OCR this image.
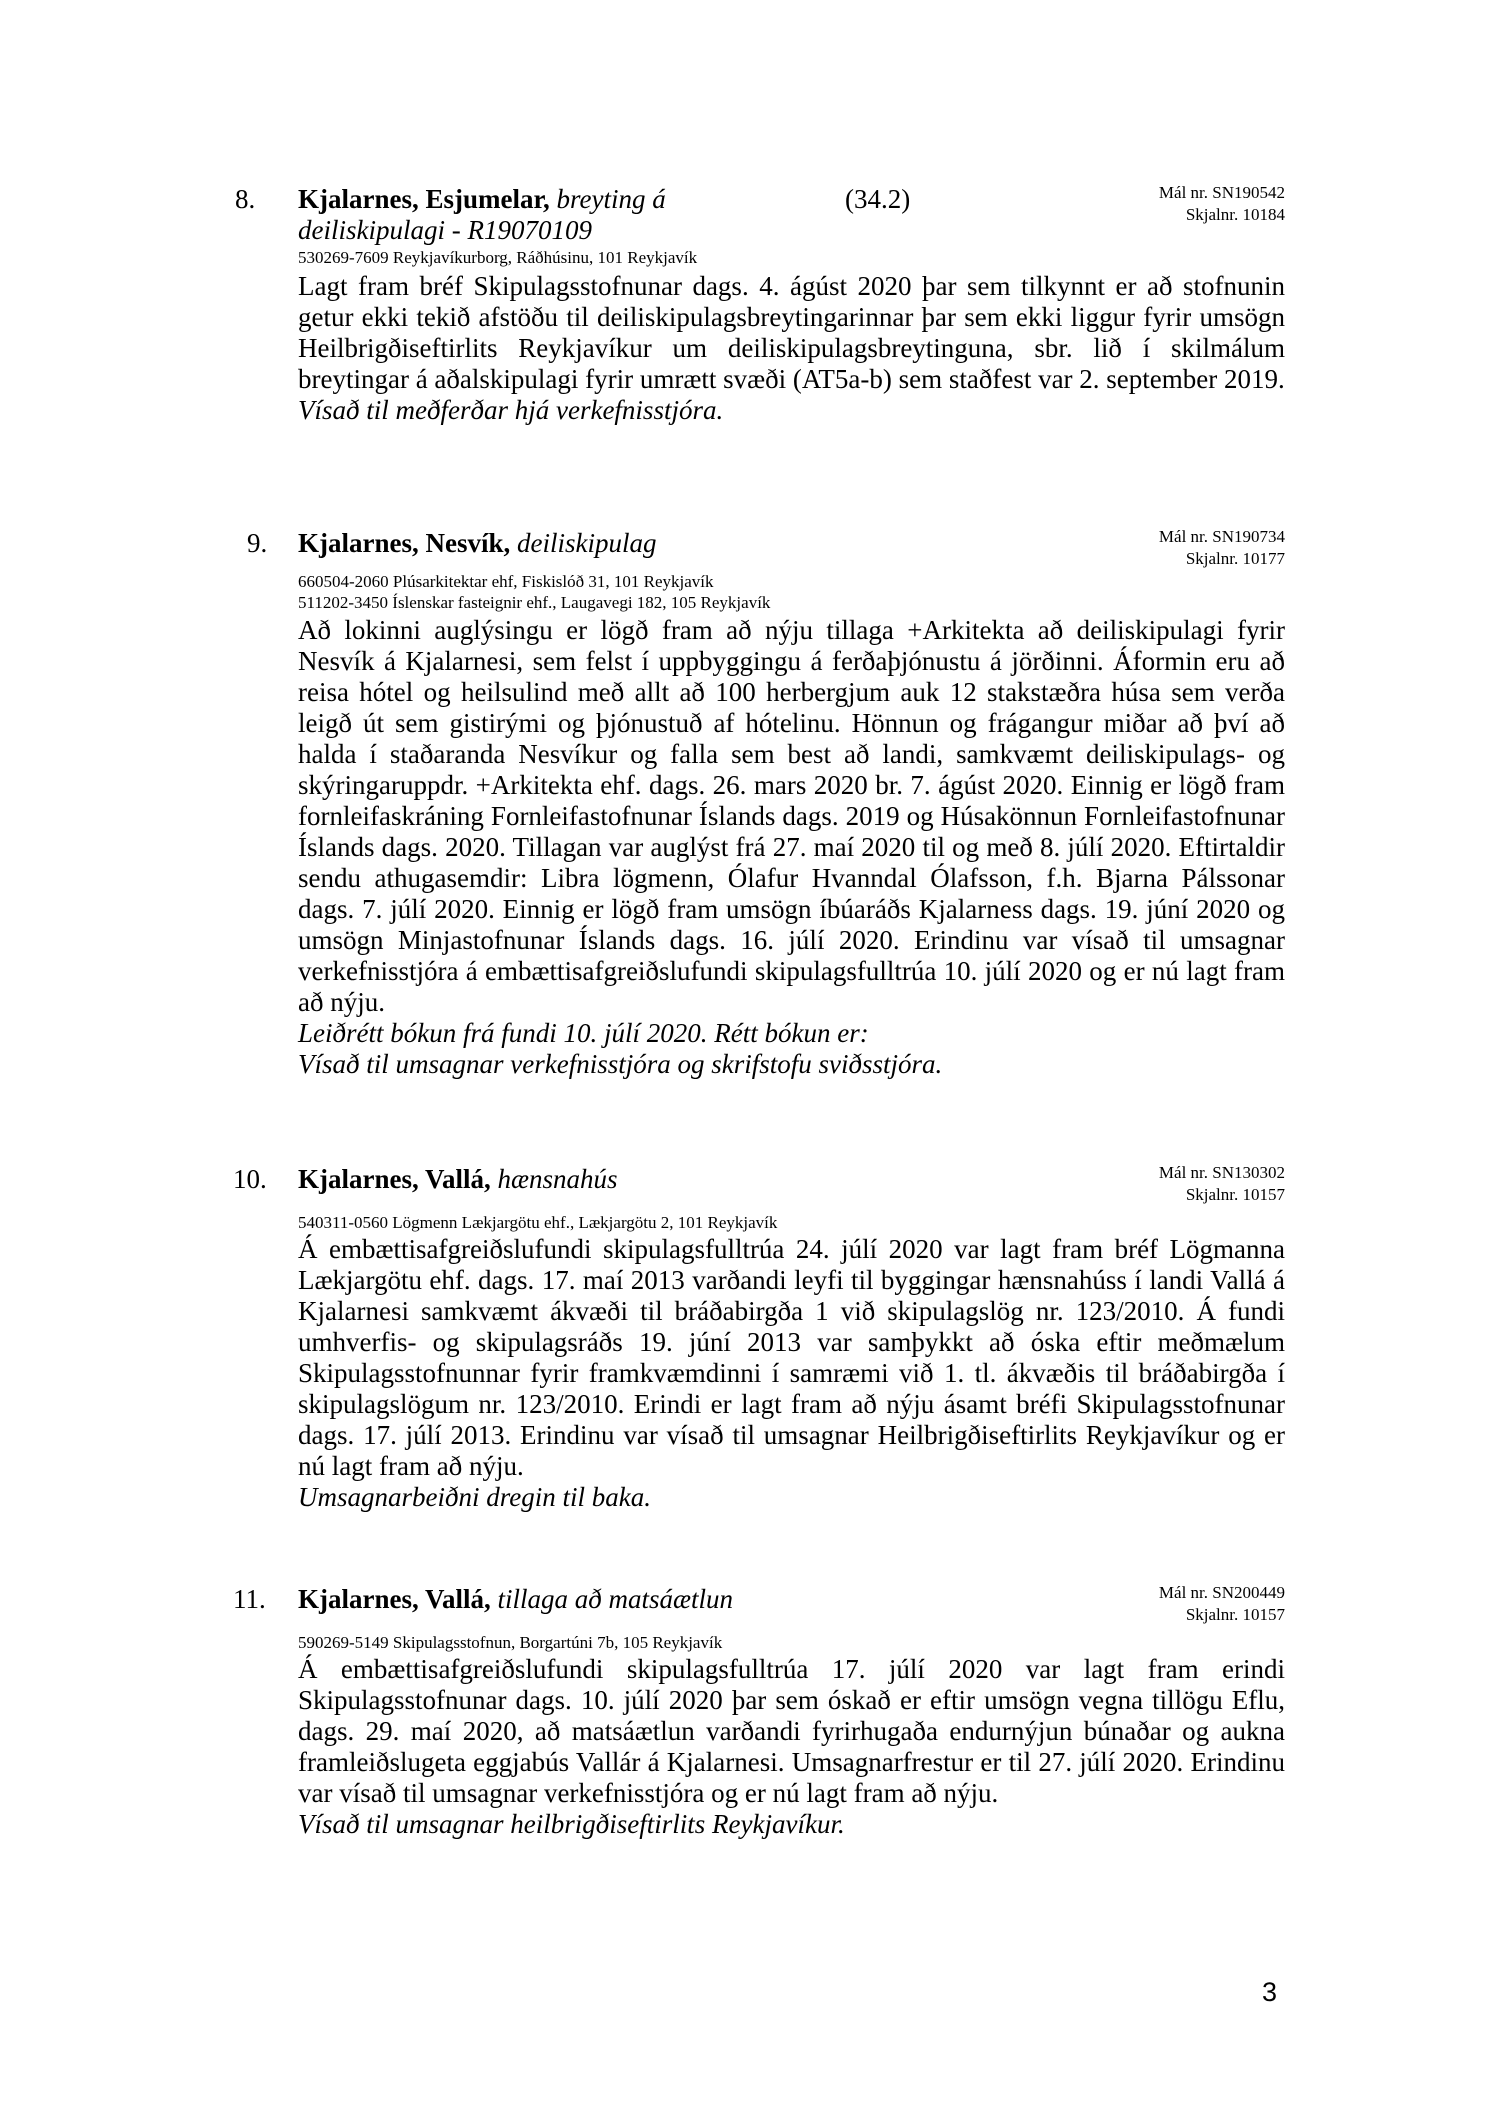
8. Kjalarnes, Esjumelar, breyting á
deiliskipulagi - R19070109
(34.2)	Mál nr. SN190542
Skjalnr. 10184
530269-7609 Reykjavíkurborg, Ráðhúsinu, 101 Reykjavík

Lagt fram bréf Skipulagsstofnunar dags. 4. ágúst 2020 þar sem tilkynnt er að stofnunin getur ekki tekið afstöðu til deiliskipulagsbreytingarinnar þar sem ekki liggur fyrir umsögn Heilbrigðiseftirlits Reykjavíkur um deiliskipulagsbreytinguna, sbr. lið í skilmálum breytingar á aðalskipulagi fyrir umrætt svæði (AT5a-b) sem staðfest var 2. september 2019.

Vísað til meðferðar hjá verkefnisstjóra.

9. Kjalarnes, Nesvík, deiliskipulag	Mál nr. SN190734
Skjalnr. 10177
660504-2060 Plúsarkitektar ehf, Fiskislóð 31, 101 Reykjavík
511202-3450 Íslenskar fasteignir ehf., Laugavegi 182, 105 Reykjavík

Að lokinni auglýsingu er lögð fram að nýju tillaga +Arkitekta að deiliskipulagi fyrir Nesvík á Kjalarnesi, sem felst í uppbyggingu á ferðaþjónustu á jörðinni. Áformin eru að reisa hótel og heilsulind með allt að 100 herbergjum auk 12 stakstæðra húsa sem verða leigð út sem gistirými og þjónustuð af hótelinu. Hönnun og frágangur miðar að því að halda í staðaranda Nesvíkur og falla sem best að landi, samkvæmt deiliskipulags- og skýringaruppdr. +Arkitekta ehf. dags. 26. mars 2020 br. 7. ágúst 2020. Einnig er lögð fram fornleifaskráning Fornleifastofnunar Íslands dags. 2019 og Húsakönnun Fornleifastofnunar Íslands dags. 2020. Tillagan var auglýst frá 27. maí 2020 til og með 8. júlí 2020. Eftirtaldir sendu athugasemdir: Libra lögmenn, Ólafur Hvanndal Ólafsson, f.h. Bjarna Pálssonar dags. 7. júlí 2020. Einnig er lögð fram umsögn íbúaráðs Kjalarness dags. 19. júní 2020 og umsögn Minjastofnunar Íslands dags. 16. júlí 2020. Erindinu var vísað til umsagnar verkefnisstjóra á embættisafgreiðslufundi skipulagsfulltrúa 10. júlí 2020 og er nú lagt fram að nýju.

Leiðrétt bókun frá fundi 10. júlí 2020. Rétt bókun er:

Vísað til umsagnar verkefnisstjóra og skrifstofu sviðsstjóra.

10. Kjalarnes, Vallá, hænsnahús	Mál nr. SN130302
Skjalnr. 10157
540311-0560 Lögmenn Lækjargötu ehf., Lækjargötu 2, 101 Reykjavík

Á embættisafgreiðslufundi skipulagsfulltrúa 24. júlí 2020 var lagt fram bréf Lögmanna Lækjargötu ehf. dags. 17. maí 2013 varðandi leyfi til byggingar hænsnahúss í landi Vallá á Kjalarnesi samkvæmt ákvæði til bráðabirgða 1 við skipulagslög nr. 123/2010. Á fundi umhverfis- og skipulagsráðs 19. júní 2013 var samþykkt að óska eftir meðmælum Skipulagsstofnunnar fyrir framkvæmdinni í samræmi við 1. tl. ákvæðis til bráðabirgða í skipulagslögum nr. 123/2010. Erindi er lagt fram að nýju ásamt bréfi Skipulagsstofnunar dags. 17. júlí 2013. Erindinu var vísað til umsagnar Heilbrigðiseftirlits Reykjavíkur og er nú lagt fram að nýju.

Umsagnarbeiðni dregin til baka.

11. Kjalarnes, Vallá, tillaga að matsáætlun	Mál nr. SN200449
Skjalnr. 10157
590269-5149 Skipulagsstofnun, Borgartúni 7b, 105 Reykjavík

Á embættisafgreiðslufundi skipulagsfulltrúa 17. júlí 2020 var lagt fram erindi Skipulagsstofnunar dags. 10. júlí 2020 þar sem óskað er eftir umsögn vegna tillögu Eflu, dags. 29. maí 2020, að matsáætlun varðandi fyrirhugaða endurnýjun búnaðar og aukna framleiðslugeta eggjabús Vallár á Kjalarnesi. Umsagnarfrestur er til 27. júlí 2020. Erindinu var vísað til umsagnar verkefnisstjóra og er nú lagt fram að nýju.

Vísað til umsagnar heilbrigðiseftirlits Reykjavíkur.

3
